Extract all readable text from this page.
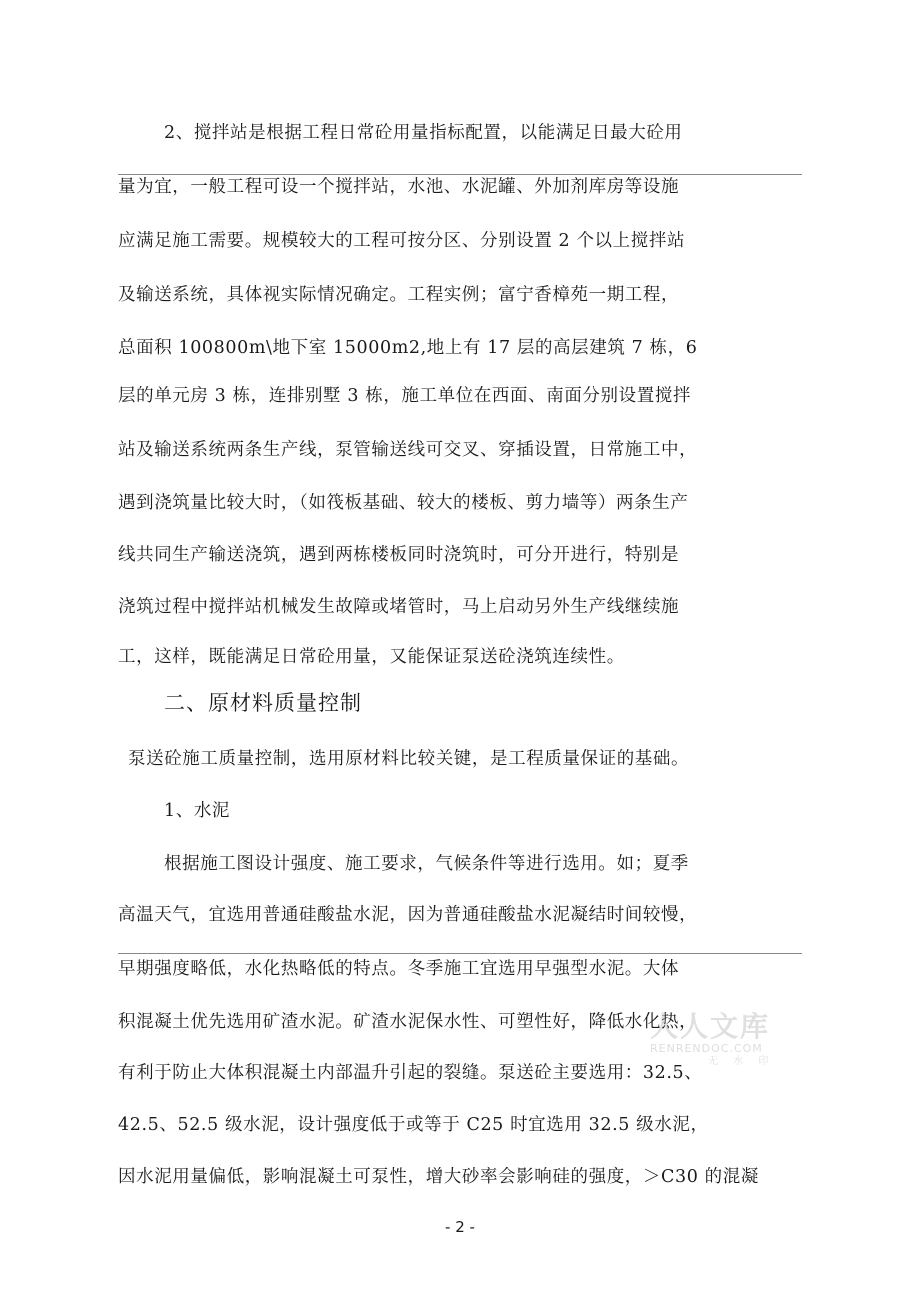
2、搅拌站是根据工程日常砼用量指标配置，以能满足日最大砼用
量为宜，一般工程可设一个搅拌站，水池、水泥罐、外加剂库房等设施
应满足施工需要。规模较大的工程可按分区、分别设置 2 个以上搅拌站
及输送系统，具体视实际情况确定。工程实例；富宁香樟苑一期工程，
总面积 100800m\地下室 15000m2,地上有 17 层的高层建筑 7 栋，6
层的单元房 3 栋，连排别墅 3 栋，施工单位在西面、南面分别设置搅拌
站及输送系统两条生产线，泵管输送线可交叉、穿插设置，日常施工中，
遇到浇筑量比较大时，（如筏板基础、较大的楼板、剪力墙等）两条生产
线共同生产输送浇筑，遇到两栋楼板同时浇筑时，可分开进行，特别是
浇筑过程中搅拌站机械发生故障或堵管时，马上启动另外生产线继续施
工，这样，既能满足日常砼用量，又能保证泵送砼浇筑连续性。
二、原材料质量控制
泵送砼施工质量控制，选用原材料比较关键，是工程质量保证的基础。
1、水泥
根据施工图设计强度、施工要求，气候条件等进行选用。如；夏季
高温天气，宜选用普通硅酸盐水泥，因为普通硅酸盐水泥凝结时间较慢，
早期强度略低，水化热略低的特点。冬季施工宜选用早强型水泥。大体
积混凝土优先选用矿渣水泥。矿渣水泥保水性、可塑性好，降低水化热，
有利于防止大体积混凝土内部温升引起的裂缝。泵送砼主要选用：32.5、
42.5、52.5 级水泥，设计强度低于或等于 C25 时宜选用 32.5 级水泥，
因水泥用量偏低，影响混凝土可泵性，增大砂率会影响硅的强度，＞C30 的混凝
- 2 -
人人文库
RENRENDOC.COM
无 水 印
